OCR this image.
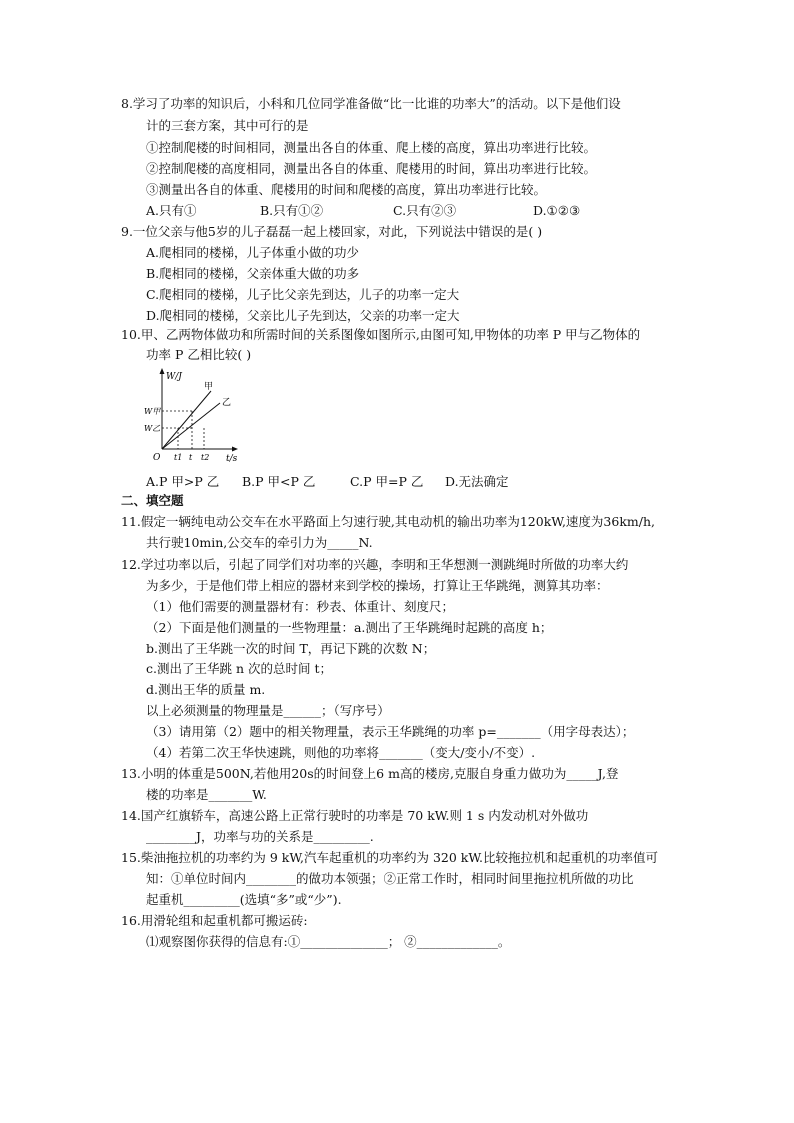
8.学习了功率的知识后，小科和几位同学准备做“比一比谁的功率大”的活动。以下是他们设
计的三套方案，其中可行的是
①控制爬楼的时间相同，测量出各自的体重、爬上楼的高度，算出功率进行比较。
②控制爬楼的高度相同，测量出各自的体重、爬楼用的时间，算出功率进行比较。
③测量出各自的体重、爬楼用的时间和爬楼的高度，算出功率进行比较。
A.只有①	B.只有①②	C.只有②③	D.①②③
9.一位父亲与他5岁的儿子磊磊一起上楼回家，对此，下列说法中错误的是( )
A.爬相同的楼梯，儿子体重小做的功少
B.爬相同的楼梯，父亲体重大做的功多
C.爬相同的楼梯，儿子比父亲先到达，儿子的功率一定大
D.爬相同的楼梯，父亲比儿子先到达，父亲的功率一定大
10.甲、乙两物体做功和所需时间的关系图像如图所示,由图可知,甲物体的功率 P 甲与乙物体的
功率 P 乙相比较( )
W/J
t/s
O
甲
乙
W甲
W乙
t1 t t2
A.P 甲>P 乙 B.P 甲<P 乙	C.P 甲=P 乙 D.无法确定
二、填空题
11.假定一辆纯电动公交车在水平路面上匀速行驶,其电动机的输出功率为120kW,速度为36km/h,
共行驶10min,公交车的牵引力为_____N.
12.学过功率以后，引起了同学们对功率的兴趣，李明和王华想测一测跳绳时所做的功率大约
为多少，于是他们带上相应的器材来到学校的操场，打算让王华跳绳，测算其功率：
（1）他们需要的测量器材有：秒表、体重计、刻度尺；
（2）下面是他们测量的一些物理量：a.测出了王华跳绳时起跳的高度 h；
b.测出了王华跳一次的时间 T，再记下跳的次数 N；
c.测出了王华跳 n 次的总时间 t；
d.测出王华的质量 m.
以上必须测量的物理量是______；（写序号）
（3）请用第（2）题中的相关物理量，表示王华跳绳的功率 p=_______（用字母表达）；
（4）若第二次王华快速跳，则他的功率将_______（变大/变小/不变）.
13.小明的体重是500N,若他用20s的时间登上6 m高的楼房,克服自身重力做功为_____J,登
楼的功率是_______W.
14.国产红旗轿车，高速公路上正常行驶时的功率是 70 kW.则 1 s 内发动机对外做功
________J，功率与功的关系是_________.
15.柴油拖拉机的功率约为 9 kW,汽车起重机的功率约为 320 kW.比较拖拉机和起重机的功率值可
知：①单位时间内________的做功本领强；②正常工作时，相同时间里拖拉机所做的功比
起重机_________(选填“多”或“少”).
16.用滑轮组和起重机都可搬运砖:
⑴观察图你获得的信息有:①______________； ②_____________。
